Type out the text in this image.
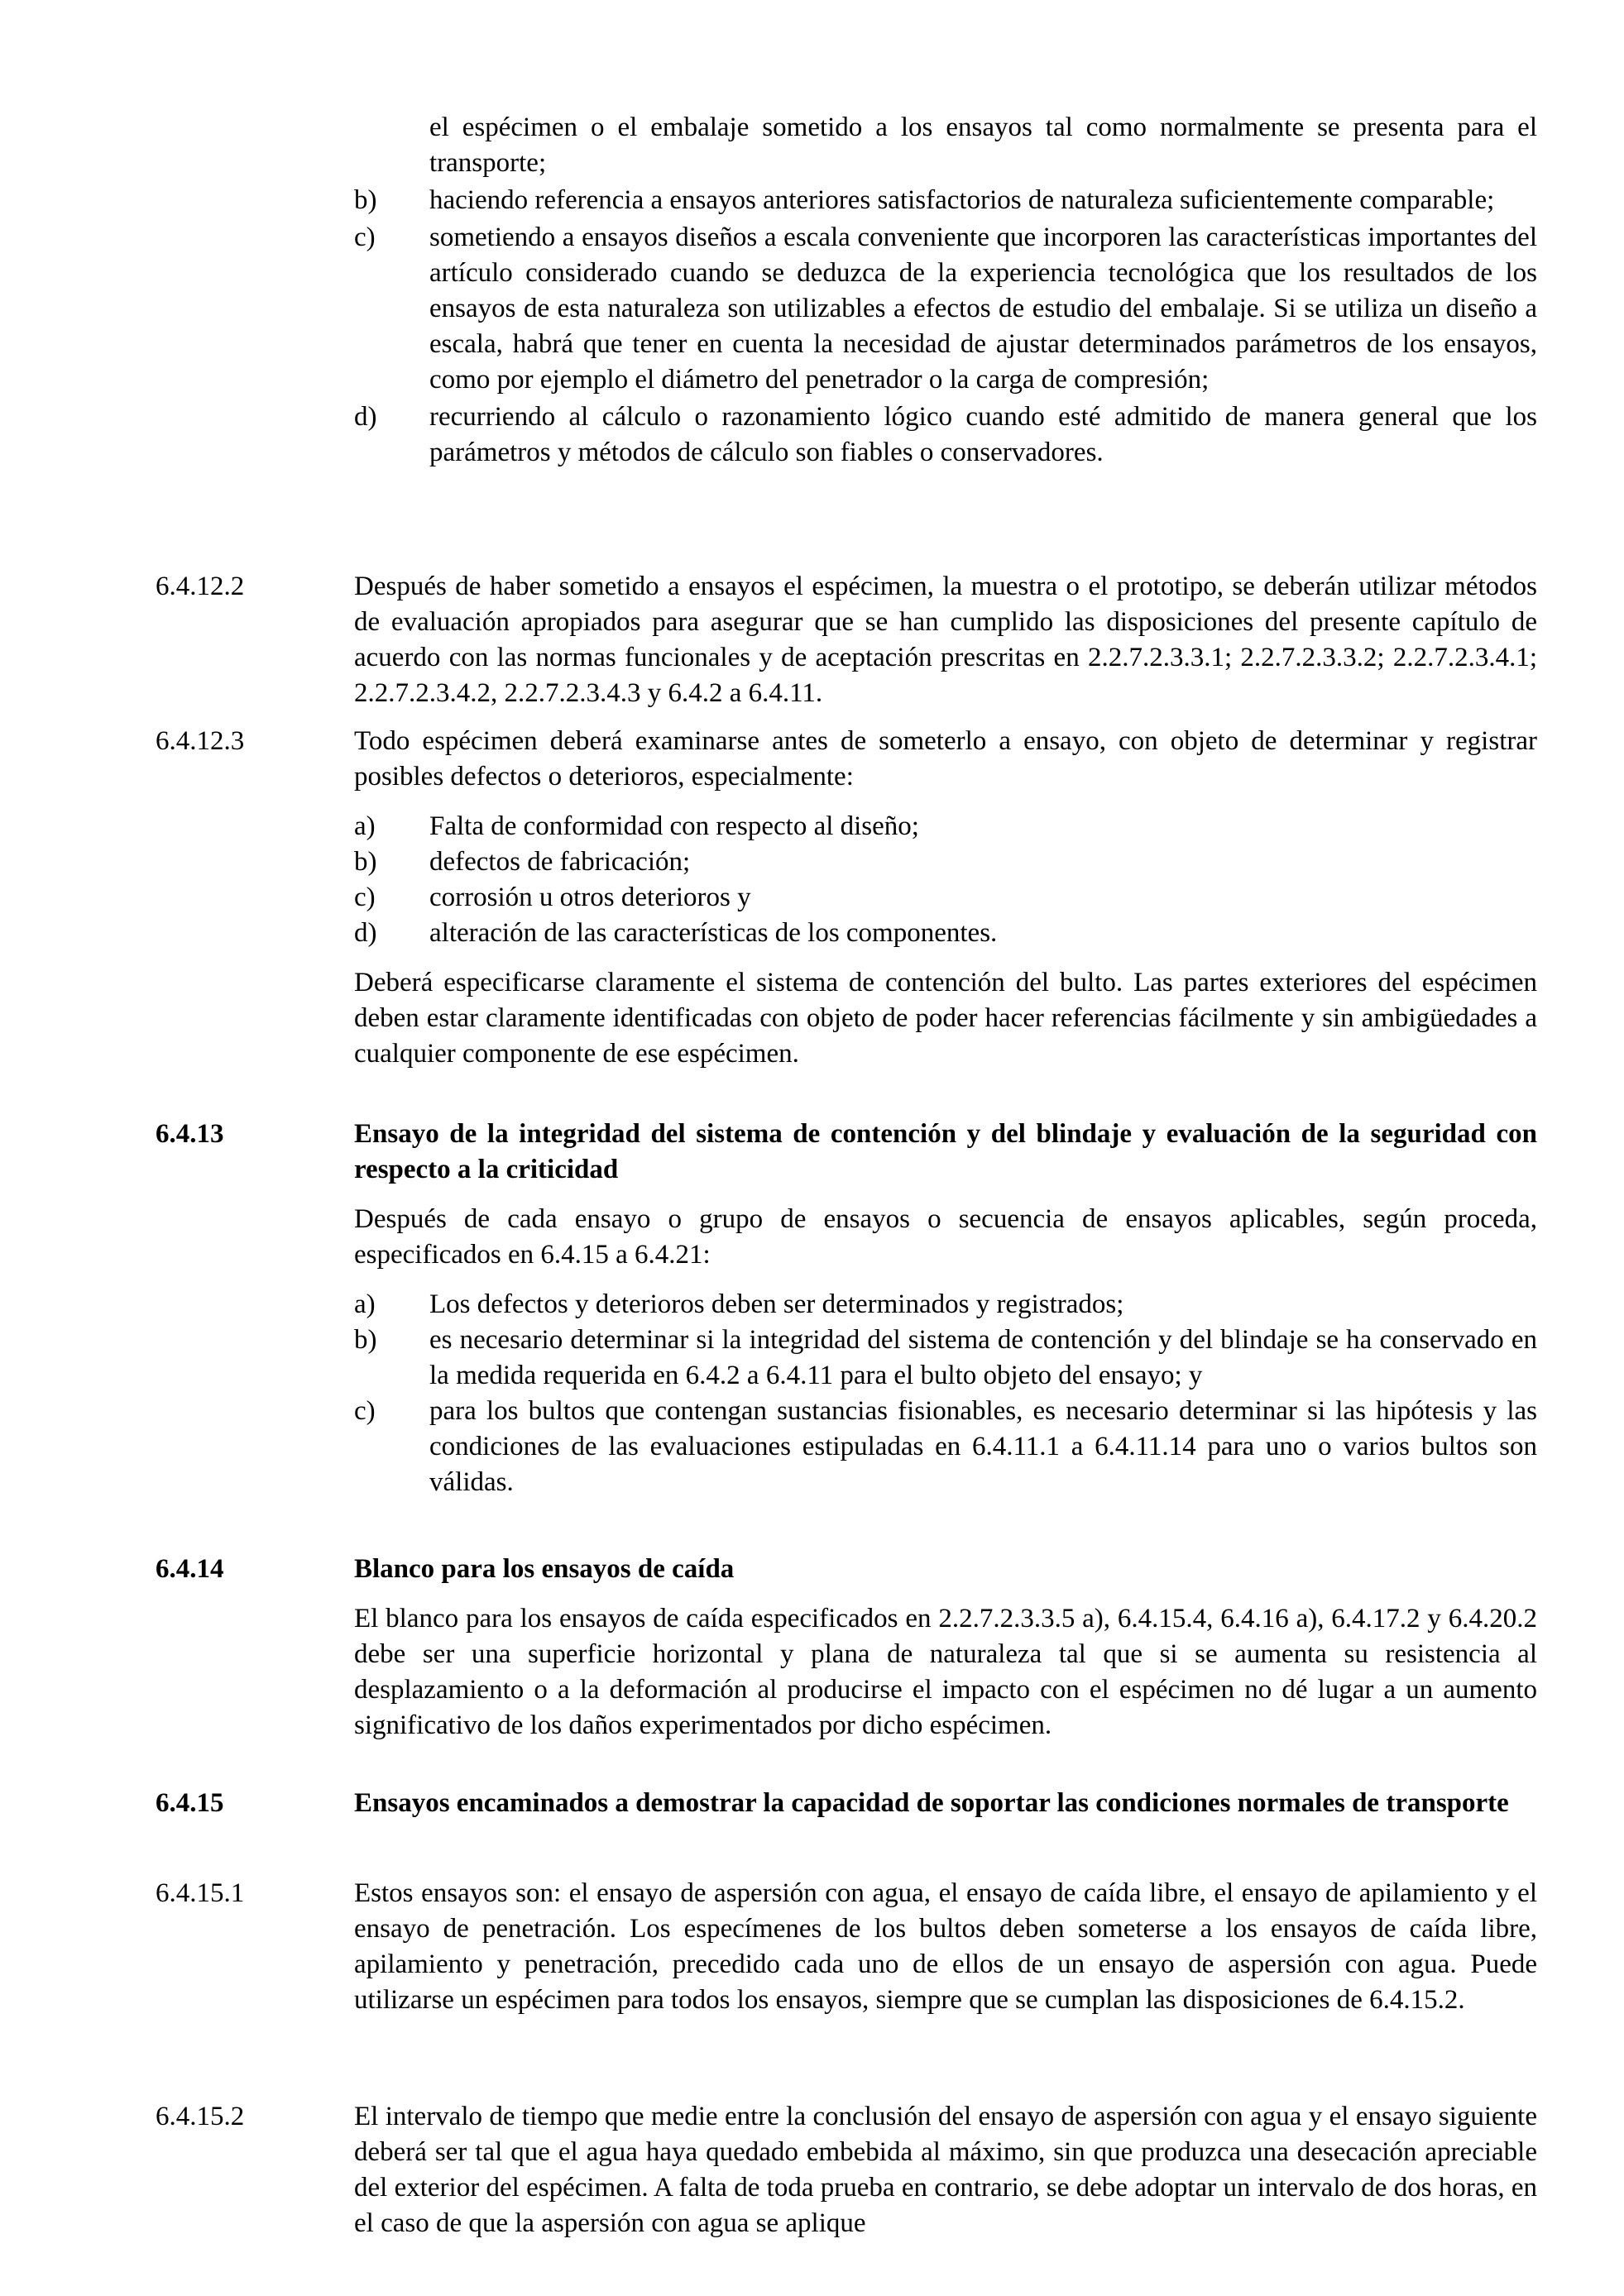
el espécimen o el embalaje sometido a los ensayos tal como normalmente se presenta para el transporte;
b) haciendo referencia a ensayos anteriores satisfactorios de naturaleza suficientemente comparable;
c) sometiendo a ensayos diseños a escala conveniente que incorporen las características importantes del artículo considerado cuando se deduzca de la experiencia tecnológica que los resultados de los ensayos de esta naturaleza son utilizables a efectos de estudio del embalaje. Si se utiliza un diseño a escala, habrá que tener en cuenta la necesidad de ajustar determinados parámetros de los ensayos, como por ejemplo el diámetro del penetrador o la carga de compresión;
d) recurriendo al cálculo o razonamiento lógico cuando esté admitido de manera general que los parámetros y métodos de cálculo son fiables o conservadores.
6.4.12.2	Después de haber sometido a ensayos el espécimen, la muestra o el prototipo, se deberán utilizar métodos de evaluación apropiados para asegurar que se han cumplido las disposiciones del presente capítulo de acuerdo con las normas funcionales y de aceptación prescritas en 2.2.7.2.3.3.1; 2.2.7.2.3.3.2; 2.2.7.2.3.4.1; 2.2.7.2.3.4.2, 2.2.7.2.3.4.3 y 6.4.2 a 6.4.11.
6.4.12.3	Todo espécimen deberá examinarse antes de someterlo a ensayo, con objeto de determinar y registrar posibles defectos o deterioros, especialmente:
a) Falta de conformidad con respecto al diseño;
b) defectos de fabricación;
c) corrosión u otros deterioros y
d) alteración de las características de los componentes.
Deberá especificarse claramente el sistema de contención del bulto. Las partes exteriores del espécimen deben estar claramente identificadas con objeto de poder hacer referencias fácilmente y sin ambigüedades a cualquier componente de ese espécimen.
6.4.13	Ensayo de la integridad del sistema de contención y del blindaje y evaluación de la seguridad con respecto a la criticidad
Después de cada ensayo o grupo de ensayos o secuencia de ensayos aplicables, según proceda, especificados en 6.4.15 a 6.4.21:
a) Los defectos y deterioros deben ser determinados y registrados;
b) es necesario determinar si la integridad del sistema de contención y del blindaje se ha conservado en la medida requerida en 6.4.2 a 6.4.11 para el bulto objeto del ensayo; y
c) para los bultos que contengan sustancias fisionables, es necesario determinar si las hipótesis y las condiciones de las evaluaciones estipuladas en 6.4.11.1 a 6.4.11.14 para uno o varios bultos son válidas.
6.4.14	Blanco para los ensayos de caída
El blanco para los ensayos de caída especificados en 2.2.7.2.3.3.5 a), 6.4.15.4, 6.4.16 a), 6.4.17.2 y 6.4.20.2 debe ser una superficie horizontal y plana de naturaleza tal que si se aumenta su resistencia al desplazamiento o a la deformación al producirse el impacto con el espécimen no dé lugar a un aumento significativo de los daños experimentados por dicho espécimen.
6.4.15	Ensayos encaminados a demostrar la capacidad de soportar las condiciones normales de transporte
6.4.15.1	Estos ensayos son: el ensayo de aspersión con agua, el ensayo de caída libre, el ensayo de apilamiento y el ensayo de penetración. Los especímenes de los bultos deben someterse a los ensayos de caída libre, apilamiento y penetración, precedido cada uno de ellos de un ensayo de aspersión con agua. Puede utilizarse un espécimen para todos los ensayos, siempre que se cumplan las disposiciones de 6.4.15.2.
6.4.15.2	El intervalo de tiempo que medie entre la conclusión del ensayo de aspersión con agua y el ensayo siguiente deberá ser tal que el agua haya quedado embebida al máximo, sin que produzca una desecación apreciable del exterior del espécimen. A falta de toda prueba en contrario, se debe adoptar un intervalo de dos horas, en el caso de que la aspersión con agua se aplique
